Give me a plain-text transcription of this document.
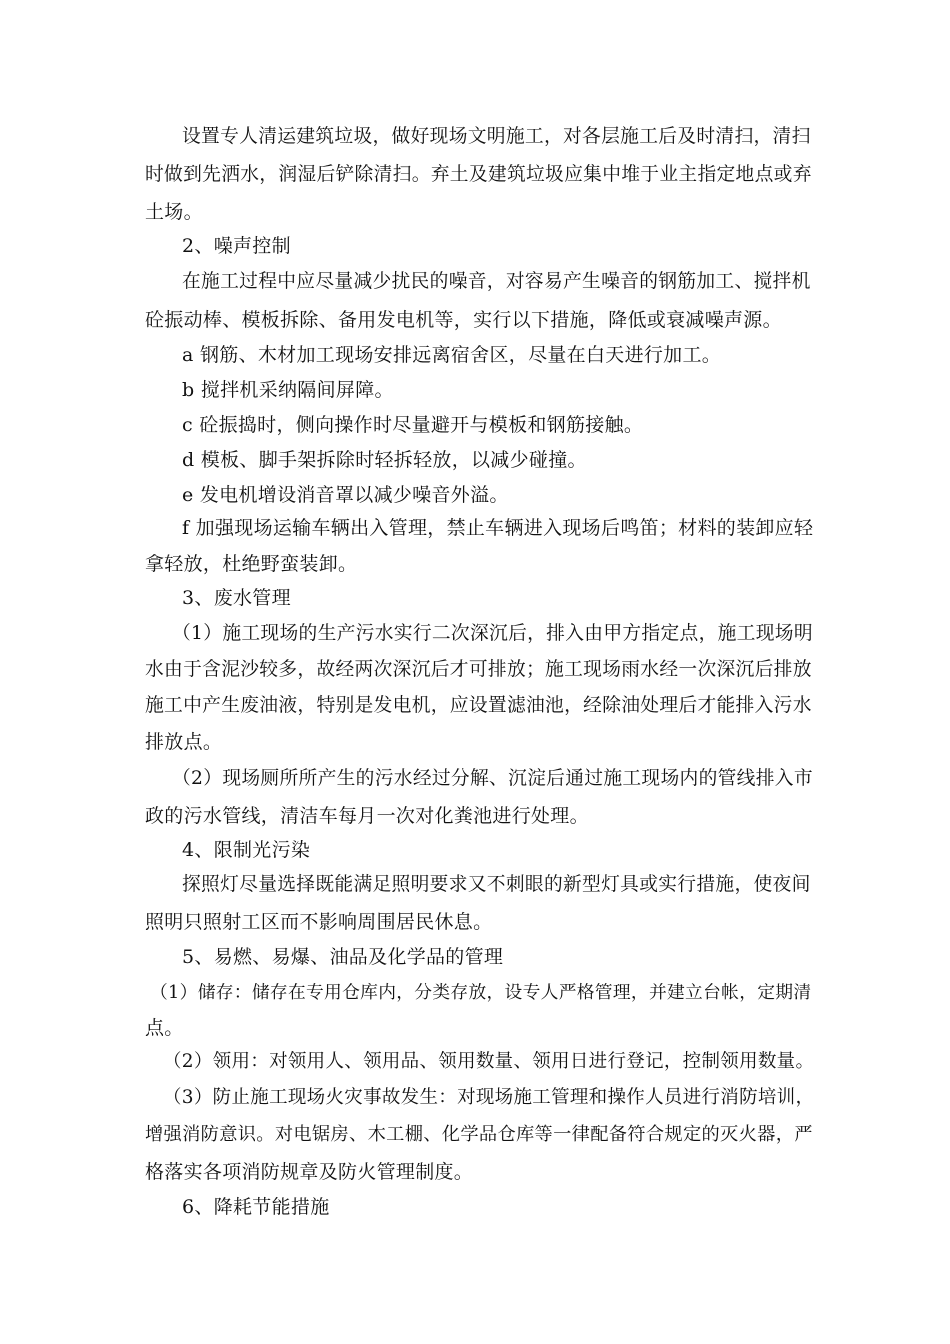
设置专人清运建筑垃圾，做好现场文明施工，对各层施工后及时清扫，清扫
时做到先洒水，润湿后铲除清扫。弃土及建筑垃圾应集中堆于业主指定地点或弃
土场。
2、噪声控制
在施工过程中应尽量减少扰民的噪音，对容易产生噪音的钢筋加工、搅拌机
砼振动棒、模板拆除、备用发电机等，实行以下措施，降低或衰减噪声源。
a 钢筋、木材加工现场安排远离宿舍区，尽量在白天进行加工。
b 搅拌机采纳隔间屏障。
c 砼振捣时，侧向操作时尽量避开与模板和钢筋接触。
d 模板、脚手架拆除时轻拆轻放，以减少碰撞。
e 发电机增设消音罩以减少噪音外溢。
f 加强现场运输车辆出入管理，禁止车辆进入现场后鸣笛；材料的装卸应轻
拿轻放，杜绝野蛮装卸。
3、废水管理
（1）施工现场的生产污水实行二次深沉后，排入由甲方指定点，施工现场明
水由于含泥沙较多，故经两次深沉后才可排放；施工现场雨水经一次深沉后排放
施工中产生废油液，特别是发电机，应设置滤油池，经除油处理后才能排入污水
排放点。
（2）现场厕所所产生的污水经过分解、沉淀后通过施工现场内的管线排入市
政的污水管线，清洁车每月一次对化粪池进行处理。
4、限制光污染
探照灯尽量选择既能满足照明要求又不刺眼的新型灯具或实行措施，使夜间
照明只照射工区而不影响周围居民休息。
5、易燃、易爆、油品及化学品的管理
（1）储存：储存在专用仓库内，分类存放，设专人严格管理，并建立台帐，定期清
点。
（2）领用：对领用人、领用品、领用数量、领用日进行登记，控制领用数量。
（3）防止施工现场火灾事故发生：对现场施工管理和操作人员进行消防培训，
增强消防意识。对电锯房、木工棚、化学品仓库等一律配备符合规定的灭火器，严
格落实各项消防规章及防火管理制度。
6、降耗节能措施
